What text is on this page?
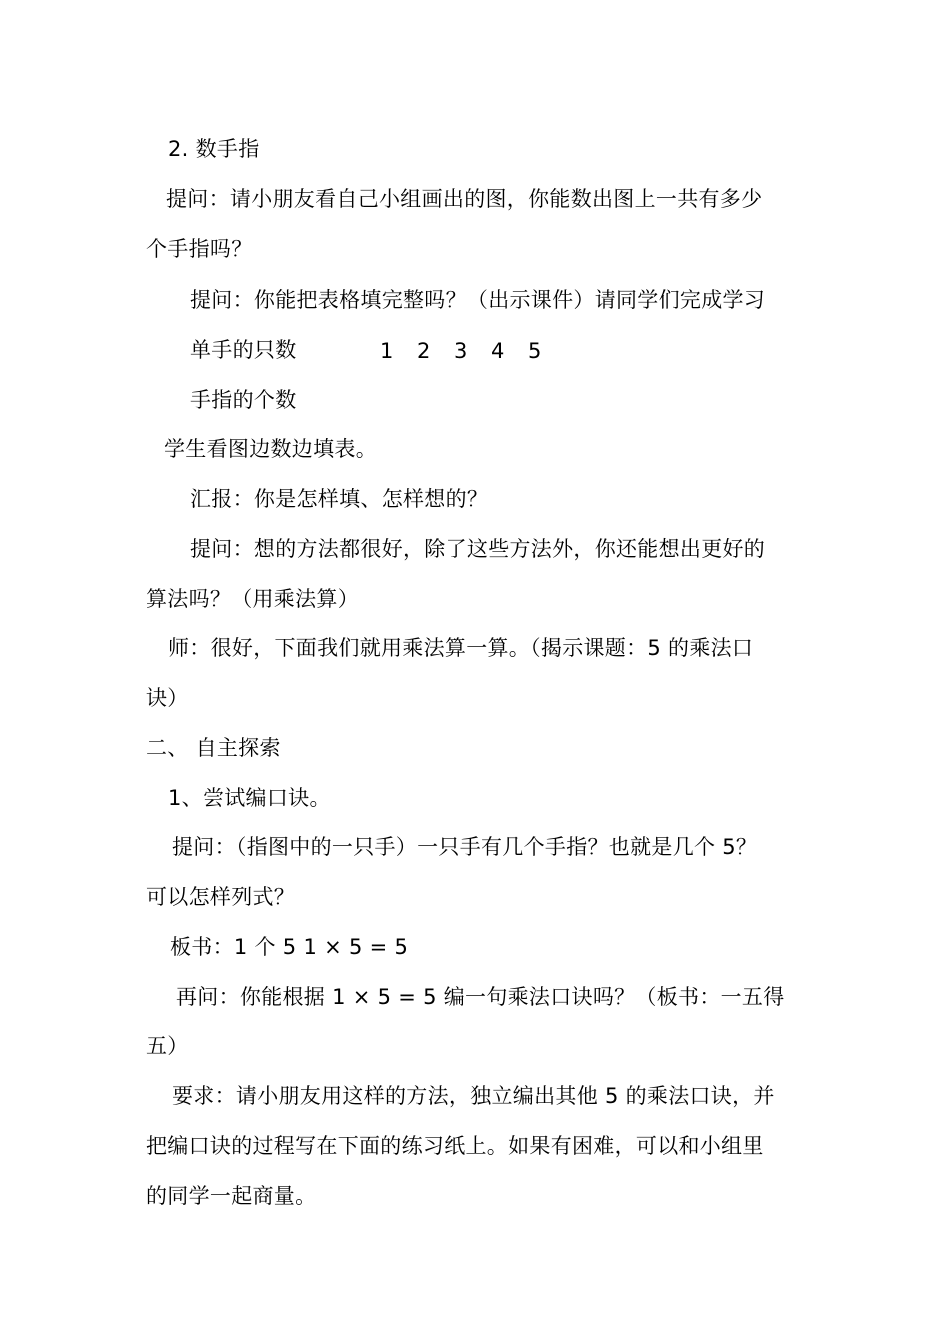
2. 数手指
提问：请小朋友看自己小组画出的图，你能数出图上一共有多少
个手指吗？
提问：你能把表格填完整吗？（出示课件）请同学们完成学习
单手的只数	1 2 3 4 5
手指的个数
学生看图边数边填表。
汇报：你是怎样填、怎样想的？
提问：想的方法都很好，除了这些方法外，你还能想出更好的
算法吗？（用乘法算）
师：很好，下面我们就用乘法算一算。（揭示课题：5 的乘法口
诀）
二、 自主探索
1、尝试编口诀。
提问：（指图中的一只手）一只手有几个手指？也就是几个 5？
可以怎样列式？
板书：1 个 5 1 × 5 = 5
再问：你能根据 1 × 5 = 5 编一句乘法口诀吗？（板书：一五得
五）
要求：请小朋友用这样的方法，独立编出其他 5 的乘法口诀，并
把编口诀的过程写在下面的练习纸上。如果有困难，可以和小组里
的同学一起商量。
